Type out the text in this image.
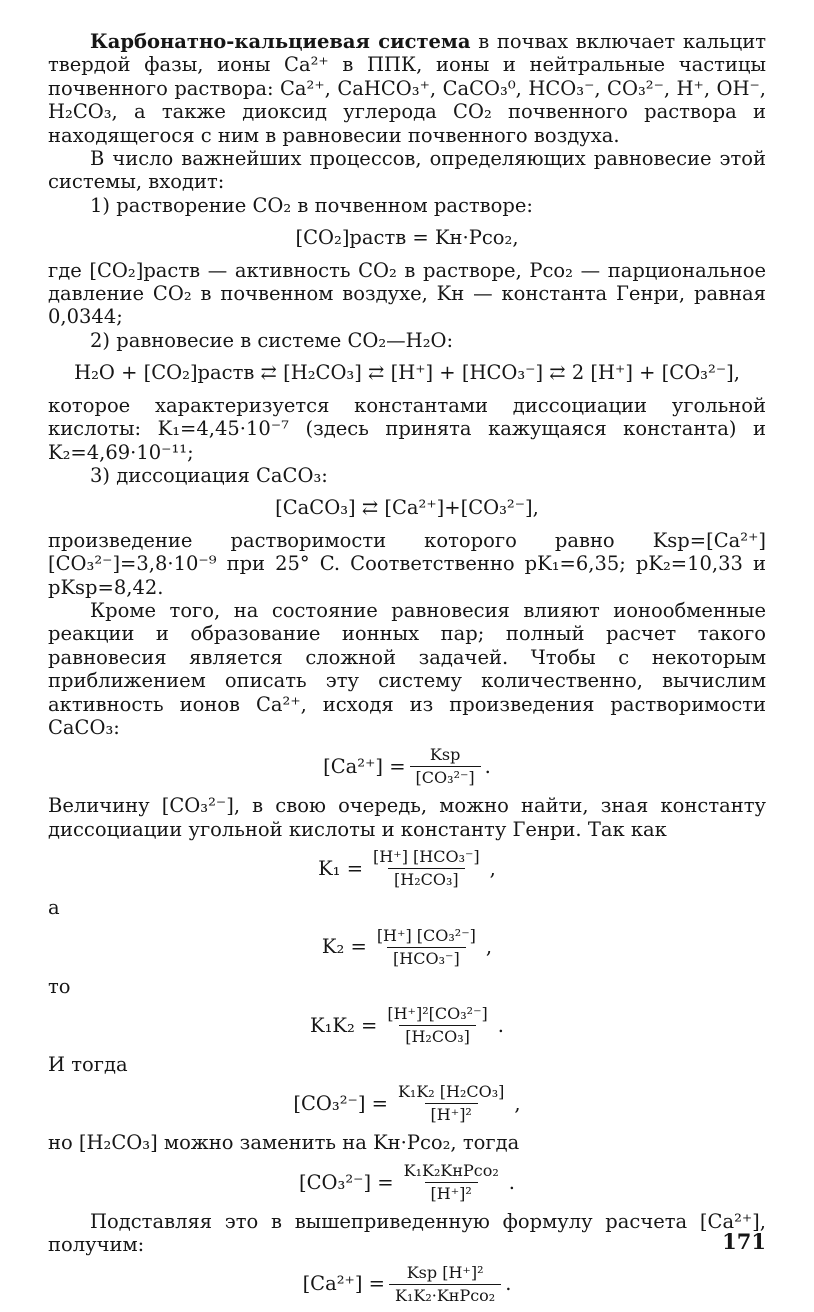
Карбонатно-кальциевая система в почвах включает кальцит твердой фазы, ионы Ca²⁺ в ППК, ионы и нейтральные частицы почвенного раствора: Ca²⁺, CaHCO₃⁺, CaCO₃⁰, HCO₃⁻, CO₃²⁻, H⁺, OH⁻, H₂CO₃, а также диоксид углерода CO₂ почвенного раствора и находящегося с ним в равновесии почвенного воздуха.

В число важнейших процессов, определяющих равновесие этой системы, входит:

1) растворение CO₂ в почвенном растворе:

[CO₂]раств = Kн·Pco₂,

где [CO₂]раств — активность CO₂ в растворе, Pco₂ — парциональное давление CO₂ в почвенном воздухе, Kн — константа Генри, равная 0,0344;

2) равновесие в системе CO₂—H₂O:

H₂O + [CO₂]раств ⇄ [H₂CO₃] ⇄ [H⁺] + [HCO₃⁻] ⇄ 2 [H⁺] + [CO₃²⁻],

которое характеризуется константами диссоциации угольной кислоты: K₁=4,45·10⁻⁷ (здесь принята кажущаяся константа) и K₂=4,69·10⁻¹¹;

3) диссоциация CaCO₃:

[CaCO₃] ⇄ [Ca²⁺]+[CO₃²⁻],

произведение растворимости которого равно Ksp=[Ca²⁺][CO₃²⁻]=3,8·10⁻⁹ при 25° C. Соответственно pK₁=6,35; pK₂=10,33 и pKsp=8,42.

Кроме того, на состояние равновесия влияют ионообменные реакции и образование ионных пар; полный расчет такого равновесия является сложной задачей. Чтобы с некоторым приближением описать эту систему количественно, вычислим активность ионов Ca²⁺, исходя из произведения растворимости CaCO₃:

$[Ca^{2+}] = \frac{\text{Ksp}}{\text{[CO₃²⁻]}}$ .

Величину [CO₃²⁻], в свою очередь, можно найти, зная константу диссоциации угольной кислоты и константу Генри. Так как

$K_1 = \frac{\text{[H⁺] [HCO₃⁻]}}{\text{[H₂CO₃]}}$ ,
а
$K_2 = \frac{\text{[H⁺] [CO₃²⁻]}}{\text{[HCO₃⁻]}}$ ,
то
$K_1K_2 = \frac{\text{[H⁺]²[CO₃²⁻]}}{\text{[H₂CO₃]}}$ .
И тогда
$[CO_3^{2-}] = \frac{\text{K₁K₂ [H₂CO₃]}}{\text{[H⁺]²}}$ ,

но [H₂CO₃] можно заменить на Kн·Pco₂, тогда

$[CO_3^{2-}] = \frac{\text{K₁K₂KнPco₂}}{\text{[H⁺]²}}$ .

Подставляя это в вышеприведенную формулу расчета [Ca²⁺], получим:

$[Ca^{2+}] = \frac{\text{Ksp [H⁺]²}}{\text{K₁K₂·KнPco₂}}$ .
171
